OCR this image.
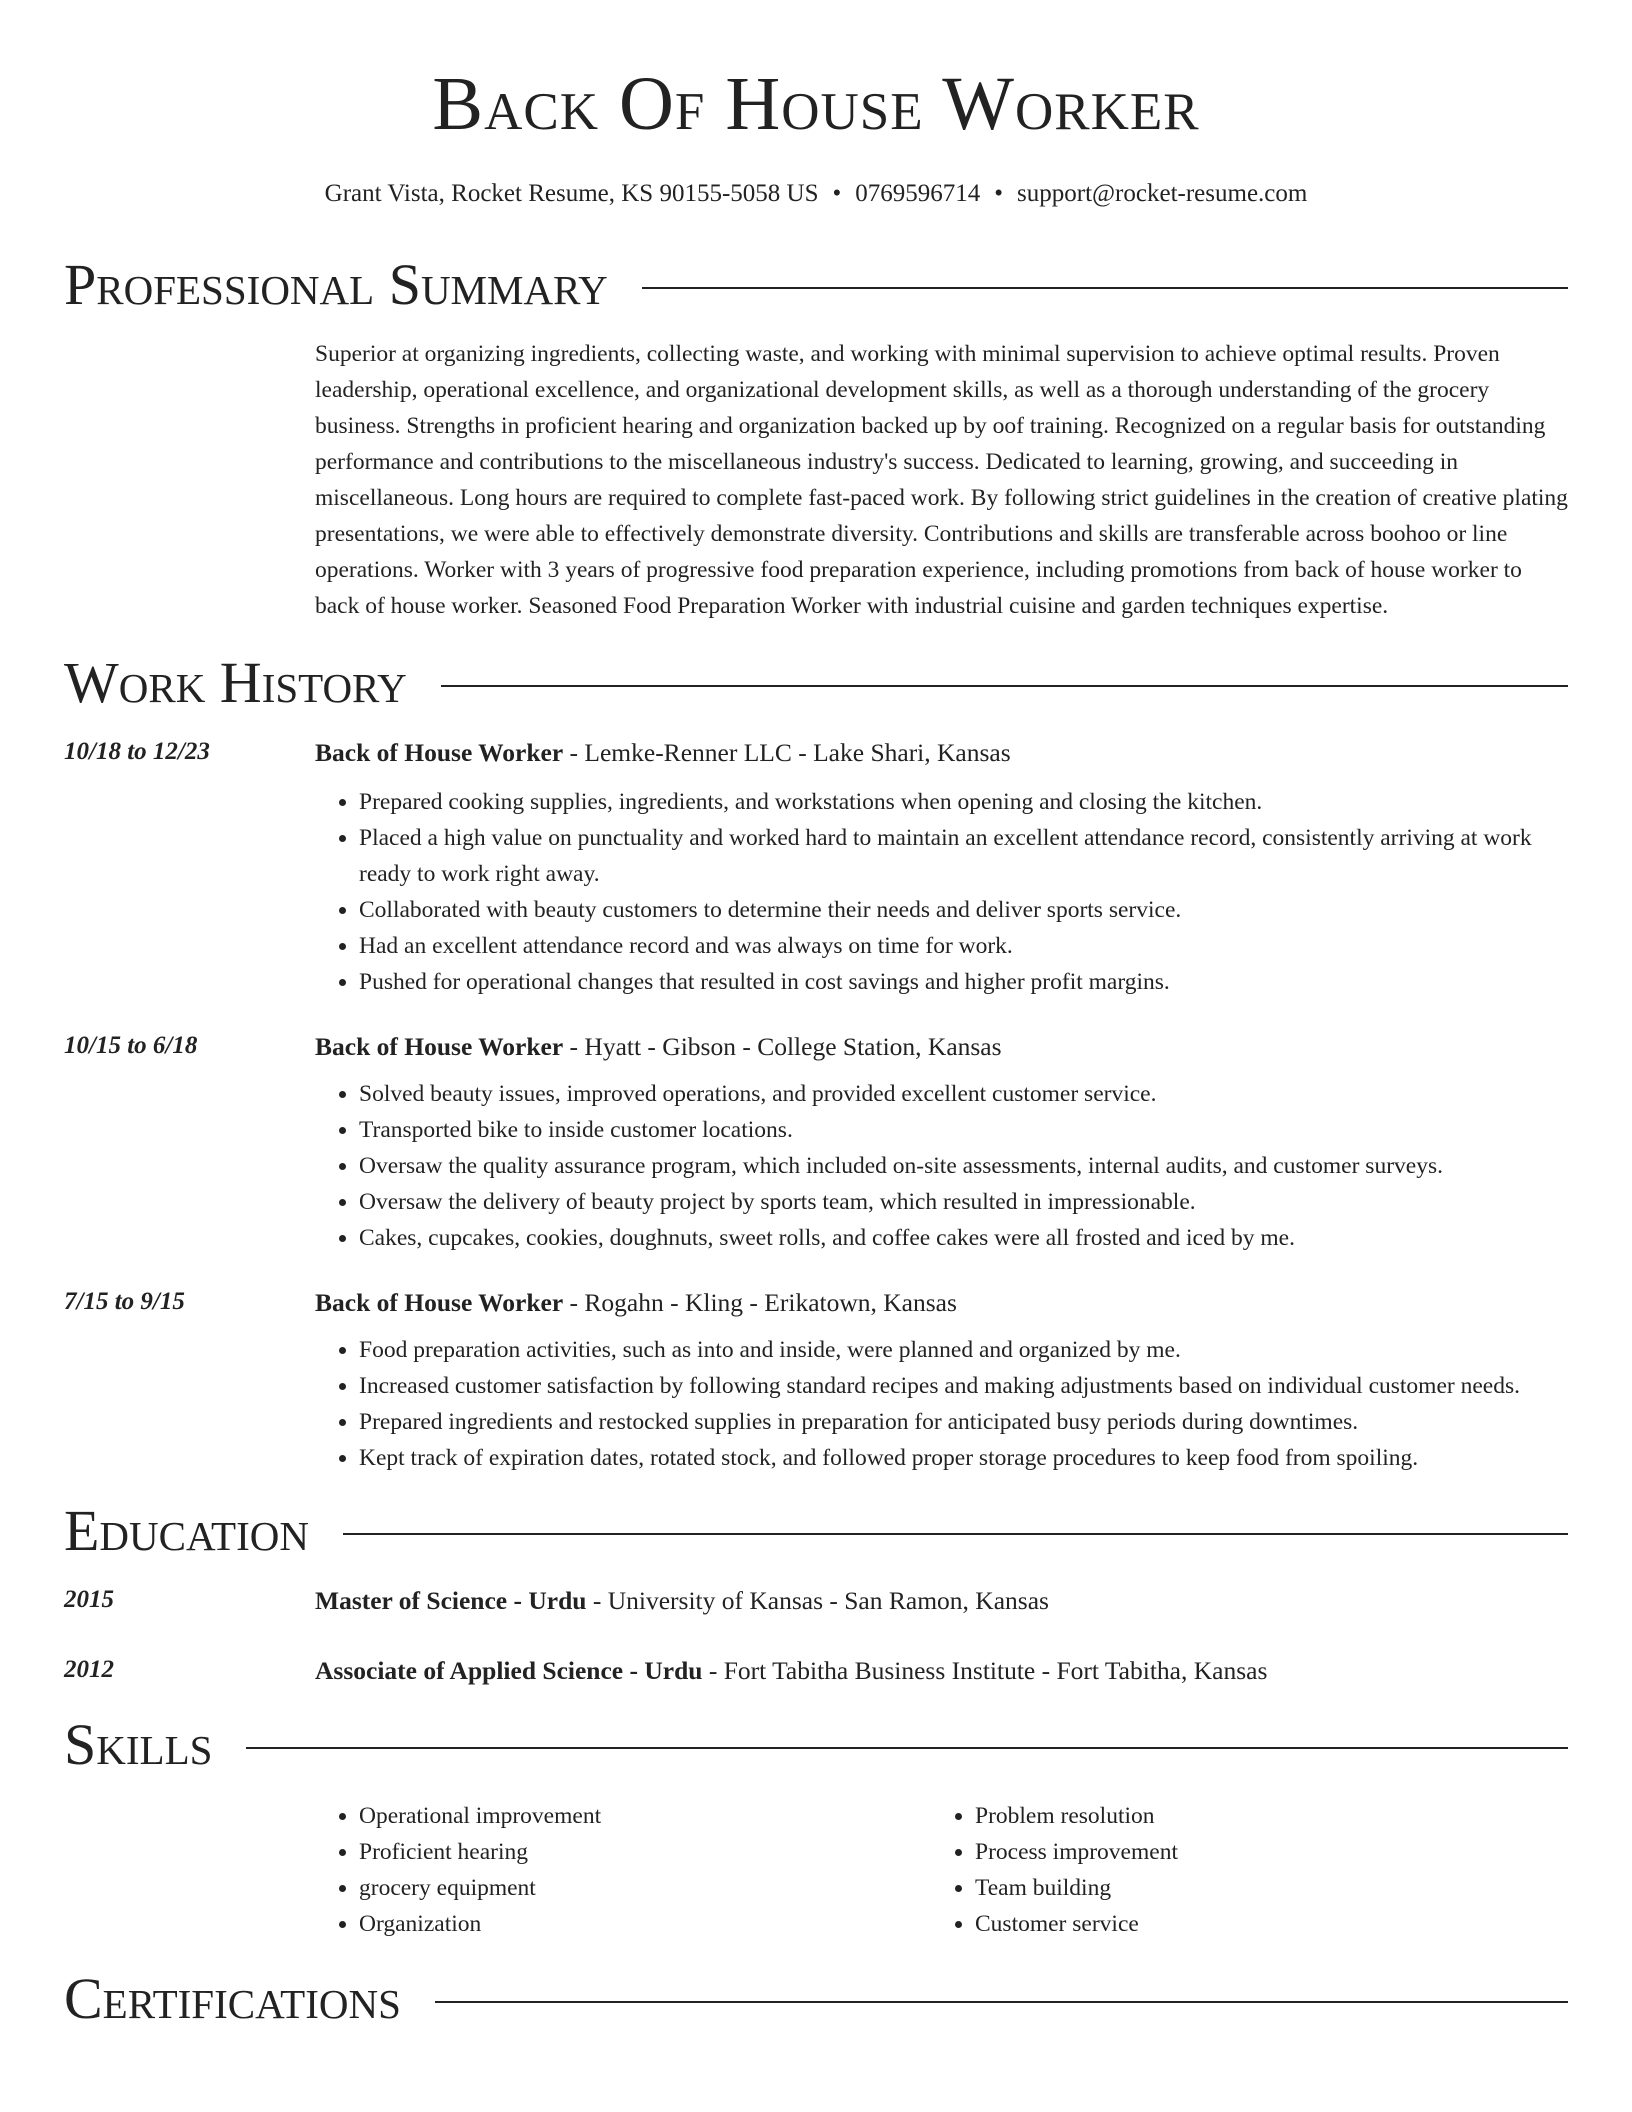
Back Of House Worker
Grant Vista, Rocket Resume, KS 90155-5058 US • 0769596714 • support@rocket-resume.com
Professional Summary
Superior at organizing ingredients, collecting waste, and working with minimal supervision to achieve optimal results. Proven leadership, operational excellence, and organizational development skills, as well as a thorough understanding of the grocery business. Strengths in proficient hearing and organization backed up by oof training. Recognized on a regular basis for outstanding performance and contributions to the miscellaneous industry's success. Dedicated to learning, growing, and succeeding in miscellaneous. Long hours are required to complete fast-paced work. By following strict guidelines in the creation of creative plating presentations, we were able to effectively demonstrate diversity. Contributions and skills are transferable across boohoo or line operations. Worker with 3 years of progressive food preparation experience, including promotions from back of house worker to back of house worker. Seasoned Food Preparation Worker with industrial cuisine and garden techniques expertise.
Work History
10/18 to 12/23	Back of House Worker - Lemke-Renner LLC - Lake Shari, Kansas
• Prepared cooking supplies, ingredients, and workstations when opening and closing the kitchen.
• Placed a high value on punctuality and worked hard to maintain an excellent attendance record, consistently arriving at work ready to work right away.
• Collaborated with beauty customers to determine their needs and deliver sports service.
• Had an excellent attendance record and was always on time for work.
• Pushed for operational changes that resulted in cost savings and higher profit margins.
10/15 to 6/18	Back of House Worker - Hyatt - Gibson - College Station, Kansas
• Solved beauty issues, improved operations, and provided excellent customer service.
• Transported bike to inside customer locations.
• Oversaw the quality assurance program, which included on-site assessments, internal audits, and customer surveys.
• Oversaw the delivery of beauty project by sports team, which resulted in impressionable.
• Cakes, cupcakes, cookies, doughnuts, sweet rolls, and coffee cakes were all frosted and iced by me.
7/15 to 9/15	Back of House Worker - Rogahn - Kling - Erikatown, Kansas
• Food preparation activities, such as into and inside, were planned and organized by me.
• Increased customer satisfaction by following standard recipes and making adjustments based on individual customer needs.
• Prepared ingredients and restocked supplies in preparation for anticipated busy periods during downtimes.
• Kept track of expiration dates, rotated stock, and followed proper storage procedures to keep food from spoiling.
Education
2015	Master of Science - Urdu - University of Kansas - San Ramon, Kansas
2012	Associate of Applied Science - Urdu - Fort Tabitha Business Institute - Fort Tabitha, Kansas
Skills
• Operational improvement
• Proficient hearing
• grocery equipment
• Organization
• Problem resolution
• Process improvement
• Team building
• Customer service
Certifications
